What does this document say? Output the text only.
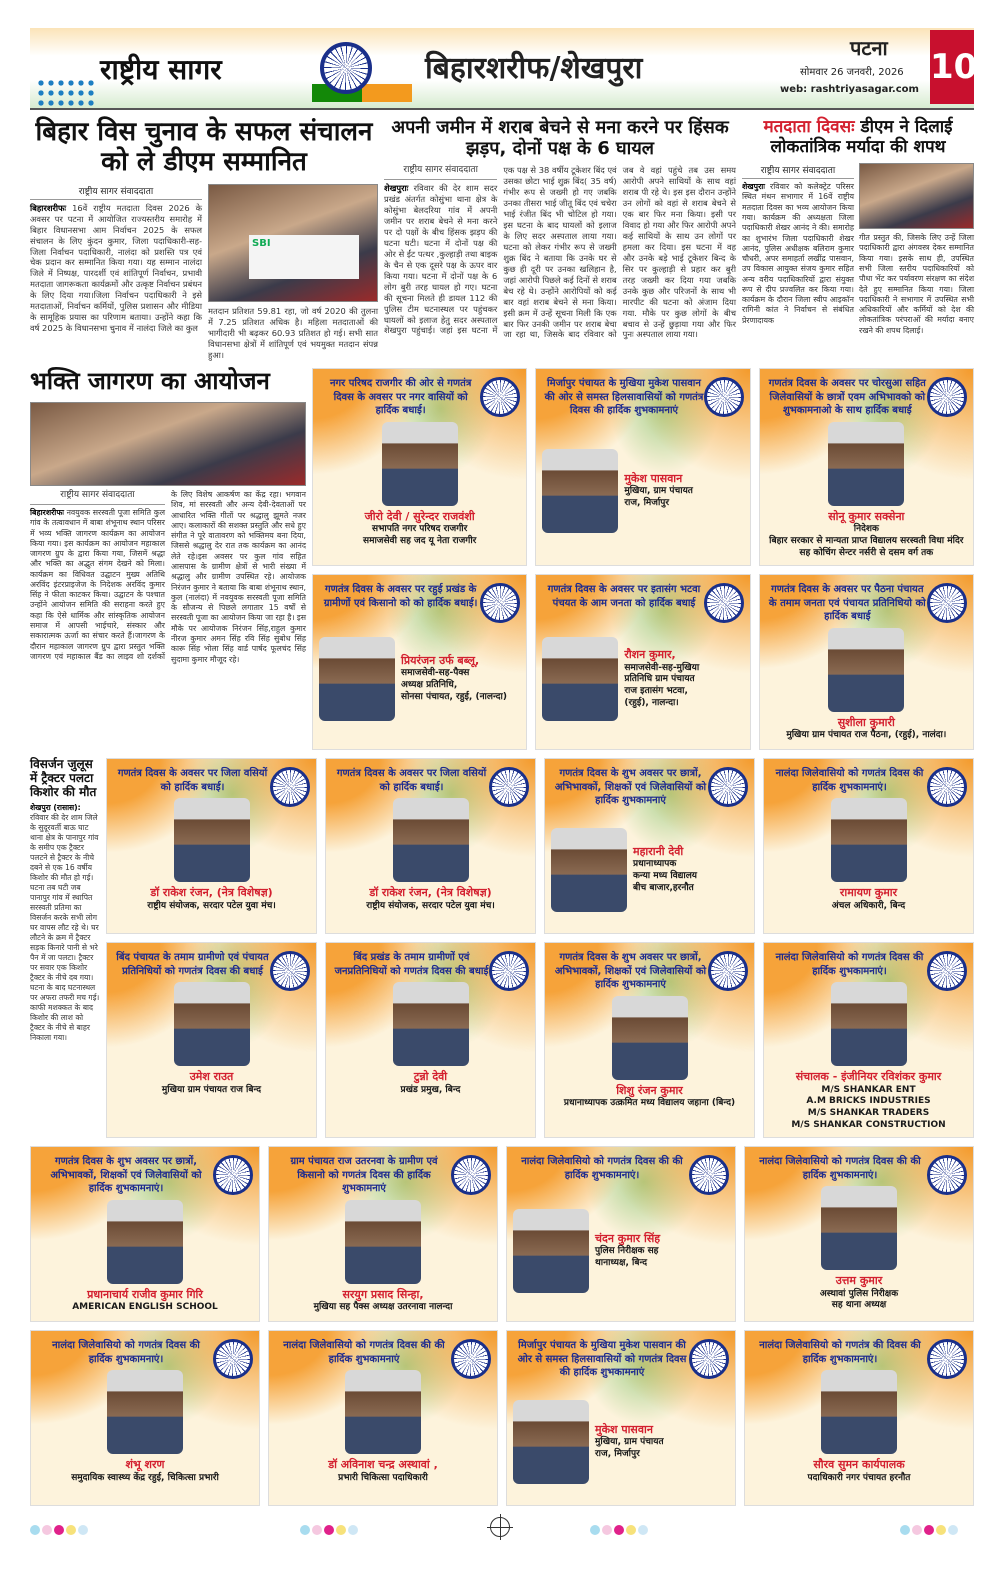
राष्ट्रीय सागर	बिहारशरीफ/शेखपुरा
पटना
सोमवार 26 जनवरी, 2026
web: rashtriyasagar.com
10
बिहार विस चुनाव के सफल संचालन को ले डीएम सम्मानित
राष्ट्रीय सागर संवाददाता
बिहारशरीफः 16वें राष्ट्रीय मतदाता दिवस 2026 के अवसर पर पटना में आयोजित राज्यस्तरीय समारोह में बिहार विधानसभा आम निर्वाचन 2025 के सफल संचालन के लिए कुंदन कुमार, जिला पदाधिकारी-सह-जिला निर्वाचन पदाधिकारी, नालंदा को प्रशस्ति पत्र एवं चेक प्रदान कर सम्मानित किया गया। यह सम्मान नालंदा जिले में निष्पक्ष, पारदर्शी एवं शांतिपूर्ण निर्वाचन, प्रभावी मतदाता जागरूकता कार्यक्रमों और उत्कृष्ट निर्वाचन प्रबंधन के लिए दिया गया।जिला निर्वाचन पदाधिकारी ने इसे मतदाताओं, निर्वाचन कर्मियों, पुलिस प्रशासन और मीडिया के सामूहिक प्रयास का परिणाम बताया। उन्होंने कहा कि वर्ष 2025 के विधानसभा चुनाव में नालंदा जिले का कुल
SBI
मतदान प्रतिशत 59.81 रहा, जो वर्ष 2020 की तुलना में 7.25 प्रतिशत अधिक है। महिला मतदाताओं की भागीदारी भी बढ़कर 60.93 प्रतिशत हो गई। सभी सात विधानसभा क्षेत्रों में शांतिपूर्ण एवं भयमुक्त मतदान संपन्न हुआ।
अपनी जमीन में शराब बेचने से मना करने पर हिंसक झड़प, दोनों पक्ष के 6 घायल
राष्ट्रीय सागर संवाददाता
शेखपुराः रविवार की देर शाम सदर प्रखंड अंतर्गत कोसुंभा थाना क्षेत्र के कोसुंभा बेलदरिया गांव में अपनी जमीन पर शराब बेचने से मना करने पर दो पक्षों के बीच हिंसक झड़प की घटना घटी। घटना में दोनों पक्ष की ओर से ईंट पत्थर ,कुल्हाड़ी तथा बाइक के चैन से एक दूसरे पक्ष के ऊपर वार किया गया। घटना में दोनों पक्ष के 6 लोग बुरी तरह घायल हो गए। घटना की सूचना मिलते ही डायल 112 की पुलिस टीम घटनास्थल पर पहुंचकर घायलों को इलाज हेतु सदर अस्पताल शेखपुरा पहुंचाई। जहां इस घटना में एक पक्ष से 38 वर्षीय टूकेशर बिंद एवं उसका छोटा भाई शुक्र बिंद( 35 वर्ष) गंभीर रूप से जख्मी हो गए जबकि उनका तीसरा भाई जीतू बिंद एवं चचेरा भाई रंजीत बिंद भी चोटिल हो गया। इस घटना के बाद घायलों को इलाज के लिए सदर अस्पताल लाया गया। घटना को लेकर गंभीर रूप से जख्मी शुक्र बिंद ने बताया कि उनके घर से कुछ ही दूरी पर उनका खलिहान है, जहां आरोपी पिछले कई दिनों से शराब बेच रहे थे। उन्होंने आरोपियों को कई बार वहां शराब बेचने से मना किया।इसी क्रम में उन्हें सूचना मिली कि एक बार फिर उनकी जमीन पर शराब बेचा जा रहा था, जिसके बाद रविवार को जब वे वहां पहुंचे तब उस समय आरोपी अपने साथियों के साथ वहां शराब पी रहे थे। इस इस दौरान उन्होंने उन लोगों को वहां से शराब बेचने से एक बार फिर मना किया। इसी पर विवाद हो गया और फिर आरोपी अपने कई साथियों के साथ उन लोगों पर हमला कर दिया। इस घटना में वह और उनके बड़े भाई टूकेशर बिन्द के सिर पर कुल्हाड़ी से प्रहार कर बुरी तरह जख्मी कर दिया गया जबकि उनके कुछ और परिजनों के साथ भी मारपीट की घटना को अंजाम दिया गया. मौके पर कुछ लोगों के बीच बचाव से उन्हें छुड़ाया गया और फिर पुनः अस्पताल लाया गया।
मतदाता दिवसः डीएम ने दिलाई लोकतांत्रिक मर्यादा की शपथ
राष्ट्रीय सागर संवाददाता
शेखपुराः रविवार को कलेक्ट्रेट परिसर स्थित मंथन सभागार में 16वें राष्ट्रीय मतदाता दिवस का भव्य आयोजन किया गया। कार्यक्रम की अध्यक्षता जिला पदाधिकारी शेखर आनंद ने की। समारोह का शुभारंभ जिला पदाधिकारी शेखर आनंद, पुलिस अधीक्षक बलिराम कुमार चौधरी, अपर समाहर्ता लखींद्र पासवान, उप विकास आयुक्त संजय कुमार सहित अन्य वरीय पदाधिकारियों द्वारा संयुक्त रूप से दीप प्रज्वलित कर किया गया। कार्यक्रम के दौरान जिला स्वीप आइकॉन रागिनी कांत ने निर्वाचन से संबंधित प्रेरणादायक
गीत प्रस्तुत की, जिसके लिए उन्हें जिला पदाधिकारी द्वारा अंगवस्त्र देकर सम्मानित किया गया। इसके साथ ही, उपस्थित सभी जिला स्तरीय पदाधिकारियों को पौधा भेंट कर पर्यावरण संरक्षण का संदेश देते हुए सम्मानित किया गया। जिला पदाधिकारी ने सभागार में उपस्थित सभी अधिकारियों और कर्मियों को देश की लोकतांत्रिक परंपराओं की मर्यादा बनाए रखने की शपथ दिलाई।
भक्ति जागरण का आयोजन
राष्ट्रीय सागर संवाददाता
बिहारशरीफः नवयुवक सरस्वती पूजा समिति कुल गांव के तत्वावधान में बाबा शंभूनाथ स्थान परिसर में भव्य भक्ति जागरण कार्यक्रम का आयोजन किया गया। इस कार्यक्रम का आयोजन महाकाल जागरण ग्रुप के द्वारा किया गया, जिसमें श्रद्धा और भक्ति का अद्भुत संगम देखने को मिला।कार्यक्रम का विधिवत उद्घाटन मुख्य अतिथि अरविंद इंटरप्राइजेज के निदेशक अरविंद कुमार सिंह ने फीता काटकर किया। उद्घाटन के पश्चात उन्होंने आयोजन समिति की सराहना करते हुए कहा कि ऐसे धार्मिक और सांस्कृतिक आयोजन समाज में आपसी भाईचारे, संस्कार और सकारात्मक ऊर्जा का संचार करते हैं।जागरण के दौरान महाकाल जागरण ग्रुप द्वारा प्रस्तुत भक्ति जागरण एवं महाकाल बैंड का लाइव शो दर्शकों के लिए विशेष आकर्षण का केंद्र रहा। भगवान शिव, मां सरस्वती और अन्य देवी-देवताओं पर आधारित भक्ति गीतों पर श्रद्धालु झूमते नजर आए। कलाकारों की सशक्त प्रस्तुति और सधे हुए संगीत ने पूरे वातावरण को भक्तिमय बना दिया, जिससे श्रद्धालु देर रात तक कार्यक्रम का आनंद लेते रहे।इस अवसर पर कुल गांव सहित आसपास के ग्रामीण क्षेत्रों से भारी संख्या में श्रद्धालु और ग्रामीण उपस्थित रहे। आयोजक निरंजन कुमार ने बताया कि बाबा शंभूनाथ स्थान, कुल (नालंदा) में नवयुवक सरस्वती पूजा समिति के सौजन्य से पिछले लगातार 15 वर्षों से सरस्वती पूजा का आयोजन किया जा रहा है। इस मौके पर आयोजक निरंजन सिंह,राहुल कुमार नीरज कुमार अमन सिंह रवि सिंह सुबोध सिंह कारू सिंह भोला सिंह वार्ड पार्षद फूलचंद सिंह सुदामा कुमार मौजूद रहे।
नगर परिषद राजगीर की ओर से गणतंत्र दिवस के अवसर पर नगर वासियों को हार्दिक बधाई।
जीरो देवी / सुरेन्दर राजवंशी
सभापति नगर परिषद राजगीर
समाजसेवी सह जद यू नेता राजगीर
मिर्जापुर पंचायत के मुखिया मुकेश पासवान की ओर से समस्त हिलसावासियों को गणतंत्र दिवस की हार्दिक शुभकामनाएं
मुकेश पासवान
मुखिया, ग्राम पंचायत
राज, मिर्जापुर
गणतंत्र दिवस के अवसर पर चोरसुआ सहित जिलेवासियों के छात्रों एवम अभिभावको को शुभकामनाओ के साथ हार्दिक बधाई
सोनू कुमार सक्सेना
निदेशक
बिहार सरकार से मान्यता प्राप्त विद्यालय सरस्वती विधा मंदिर सह कोचिंग सेन्टर नर्सरी से दसम वर्ग तक
गणतंत्र दिवस के अवसर पर रहुई प्रखंड के ग्रामीणों एवं किसानो को को हार्दिक बधाई।
प्रियरंजन उर्फ बब्लू,
समाजसेवी-सह-पैक्स
अध्यक्ष प्रतिनिधि,
सोनसा पंचायत, रहुई, (नालन्दा)
गणतंत्र दिवस के अवसर पर इतासंग भटवा पंचयत के आम जनता को हार्दिक बधाई
रौशन कुमार,
समाजसेवी-सह-मुखिया
प्रतिनिधि ग्राम पंचायत
राज इतासंग भटवा,
(रहुई), नालन्दा।
गणतंत्र दिवस के अवसर पर पैठना पंचायत के तमाम जनता एवं पंचायत प्रतिनिधियो को हार्दिक बधाई
सुशीला कुमारी
मुखिया ग्राम पंचायत राज पैठना, (रहुई), नालंदा।
विसर्जन जुलूस में ट्रैक्टर पलटा किशोर की मौत
शेखपुरा (रासास): रविवार की देर शाम जिले के सुदूरवर्ती बाऊ घाट थाना क्षेत्र के पानापुर गांव के समीप एक ट्रैक्टर पलटने से ट्रैक्टर के नीचे दबने से एक 16 वर्षीय किशोर की मौत हो गई। घटना तब घटी जब पानापुर गांव में स्थापित सरस्वती प्रतिमा का विसर्जन करके सभी लोग घर वापस लौट रहे थे। घर लौटने के क्रम में ट्रैक्टर सड़क किनारे पानी से भरे पैन में जा पलटा। ट्रैक्टर पर सवार एक किशोर ट्रैक्टर के नीचे दब गया। घटना के बाद घटनास्थल पर अफरा तफरी मच गई। काफी मशक्कत के बाद किशोर की लाश को ट्रैक्टर के नीचे से बाहर निकाला गया।
गणतंत्र दिवस के अवसर पर जिला वसियों को हार्दिक बधाई।
डॉ राकेश रंजन, (नेत्र विशेषज्ञ)
राष्ट्रीय संयोजक, सरदार पटेल युवा मंच।
गणतंत्र दिवस के अवसर पर जिला वसियों को हार्दिक बधाई।
डॉ राकेश रंजन, (नेत्र विशेषज्ञ)
राष्ट्रीय संयोजक, सरदार पटेल युवा मंच।
गणतंत्र दिवस के शुभ अवसर पर छात्रों, अभिभावकों, शिक्षकों एवं जिलेवासियों को हार्दिक शुभकामनाएं
महारानी देवी
प्रधानाध्यापक
कन्या मध्य विद्यालय
बीच बाजार,हरनौत
नालंदा जिलेवासियो को गणतंत्र दिवस की हार्दिक शुभकामनाएं।
रामायण कुमार
अंचल अधिकारी, बिन्द
बिंद पंचायत के तमाम ग्रामीणो एवं पंचायत प्रतिनिधियों को गणतंत्र दिवस की बधाई
उमेश राउत
मुखिया ग्राम पंचायत राज बिन्द
बिंद प्रखंड के तमाम ग्रामीणों एवं जनप्रतिनिधियों को गणतंत्र दिवस की बधाई
टुन्नो देवी
प्रखंड प्रमुख, बिन्द
गणतंत्र दिवस के शुभ अवसर पर छात्रों, अभिभावकों, शिक्षकों एवं जिलेवासियों को हार्दिक शुभकामनाएं
शिशु रंजन कुमार
प्रधानाध्यापक उत्क्रमित मध्य विद्यालय जहाना (बिन्द)
नालंदा जिलेवासियो को गणतंत्र दिवस की हार्दिक शुभकामनाएं।
संचालक - इंजीनियर रविशंकर कुमार
M/S SHANKAR ENT
A.M BRICKS INDUSTRIES
M/S SHANKAR TRADERS
M/S SHANKAR CONSTRUCTION
गणतंत्र दिवस के शुभ अवसर पर छात्रों, अभिभावकों, शिक्षकों एवं जिलेवासियों को हार्दिक शुभकामनाएं।
प्रधानाचार्य राजीव कुमार गिरि
AMERICAN ENGLISH SCHOOL
ग्राम पंचायत राज उतरनवा के ग्रामीण एवं किसानो को गणतंत्र दिवस की हार्दिक शुभकामनाएं
सरयुग प्रसाद सिन्हा,
मुखिया सह पैक्स अध्यक्ष उतरनावा नालन्दा
नालंदा जिलेवासियो को गणतंत्र दिवस की की हार्दिक शुभकामनाएं।
चंदन कुमार सिंह
पुलिस निरीक्षक सह
थानाध्यक्ष, बिन्द
नालंदा जिलेवासियो को गणतंत्र दिवस की की हार्दिक शुभकामनाएं।
उत्तम कुमार
अस्थावां पुलिस निरीक्षक
सह थाना अध्यक्ष
नालंदा जिलेवासियो को गणतंत्र दिवस की हार्दिक शुभकामनाएं।
शंभू शरण
समुदायिक स्वास्थ्य केंद्र रहुई, चिकित्सा प्रभारी
नालंदा जिलेवासियो को गणतंत्र दिवस की की हार्दिक शुभकामनाएं
डॉ अविनाश चन्द्र अस्थावां ,
प्रभारी चिकित्सा पदाधिकारी
मिर्जापुर पंचायत के मुखिया मुकेश पासवान की ओर से समस्त हिलसावासियों को गणतंत्र दिवस की हार्दिक शुभकामनाएं
मुकेश पासवान
मुखिया, ग्राम पंचायत
राज, मिर्जापुर
नालंदा जिलेवासियो को गणतंत्र की दिवस की हार्दिक शुभकामनाएं।
सौरव सुमन कार्यपालक
पदाधिकारी नगर पंचायत हरनौत
